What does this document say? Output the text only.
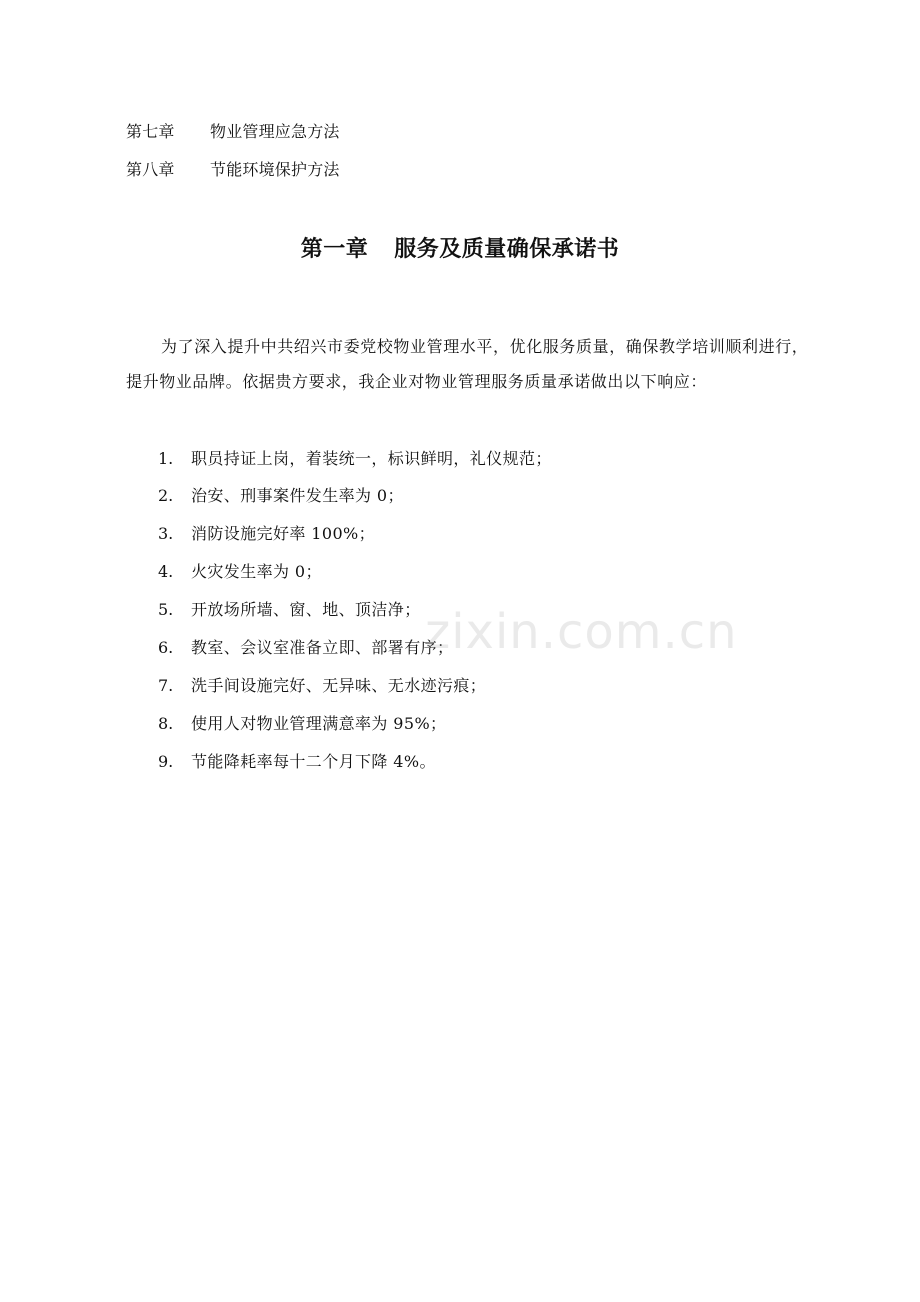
第七章 物业管理应急方法
第八章 节能环境保护方法
第一章 服务及质量确保承诺书

为了深入提升中共绍兴市委党校物业管理水平，优化服务质量，确保教学培训顺利进行，提升物业品牌。依据贵方要求，我企业对物业管理服务质量承诺做出以下响应：

1.	职员持证上岗，着装统一，标识鲜明，礼仪规范；
2.	治安、刑事案件发生率为 0；
3.	消防设施完好率 100%；
4.	火灾发生率为 0；
5.	开放场所墙、窗、地、顶洁净；
6.	教室、会议室准备立即、部署有序；
7.	洗手间设施完好、无异味、无水迹污痕；
8.	使用人对物业管理满意率为 95%；
9.	节能降耗率每十二个月下降 4%。
zixin.com.cn
